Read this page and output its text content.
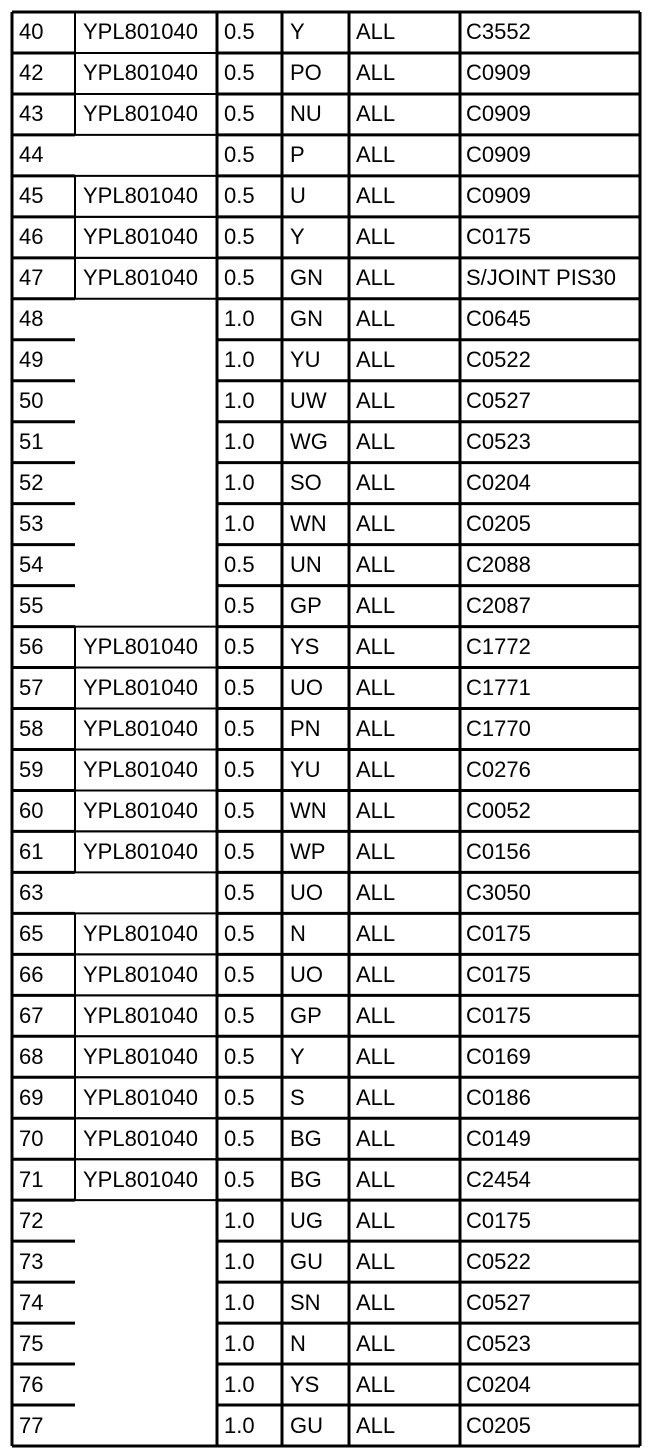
40 YPL801040 0.5 Y ALL	C3552
42 YPL801040 0.5 PO ALL	C0909
43 YPL801040 0.5 NU ALL	C0909
44	0.5 P ALL	C0909
45 YPL801040 0.5 U ALL	C0909
46 YPL801040 0.5 Y ALL	C0175
47 YPL801040 0.5 GN ALL	S/JOINT PIS30
48	1.0 GN ALL	C0645
49	1.0 YU ALL	C0522
50	1.0 UW ALL	C0527
51	1.0 WG ALL	C0523
52	1.0 SO ALL	C0204
53	1.0 WN ALL	C0205
54	0.5 UN ALL	C2088
55	0.5 GP ALL	C2087
56 YPL801040 0.5 YS ALL	C1772
57 YPL801040 0.5 UO ALL	C1771
58 YPL801040 0.5 PN ALL	C1770
59 YPL801040 0.5 YU ALL	C0276
60 YPL801040 0.5 WN ALL	C0052
61 YPL801040 0.5 WP ALL	C0156
63	0.5 UO ALL	C3050
65 YPL801040 0.5 N ALL	C0175
66 YPL801040 0.5 UO ALL	C0175
67 YPL801040 0.5 GP ALL	C0175
68 YPL801040 0.5 Y ALL	C0169
69 YPL801040 0.5 S ALL	C0186
70 YPL801040 0.5 BG ALL	C0149
71 YPL801040 0.5 BG ALL	C2454
72	1.0 UG ALL	C0175
73	1.0 GU ALL	C0522
74	1.0 SN ALL	C0527
75	1.0 N ALL	C0523
76	1.0 YS ALL	C0204
77	1.0 GU ALL	C0205
